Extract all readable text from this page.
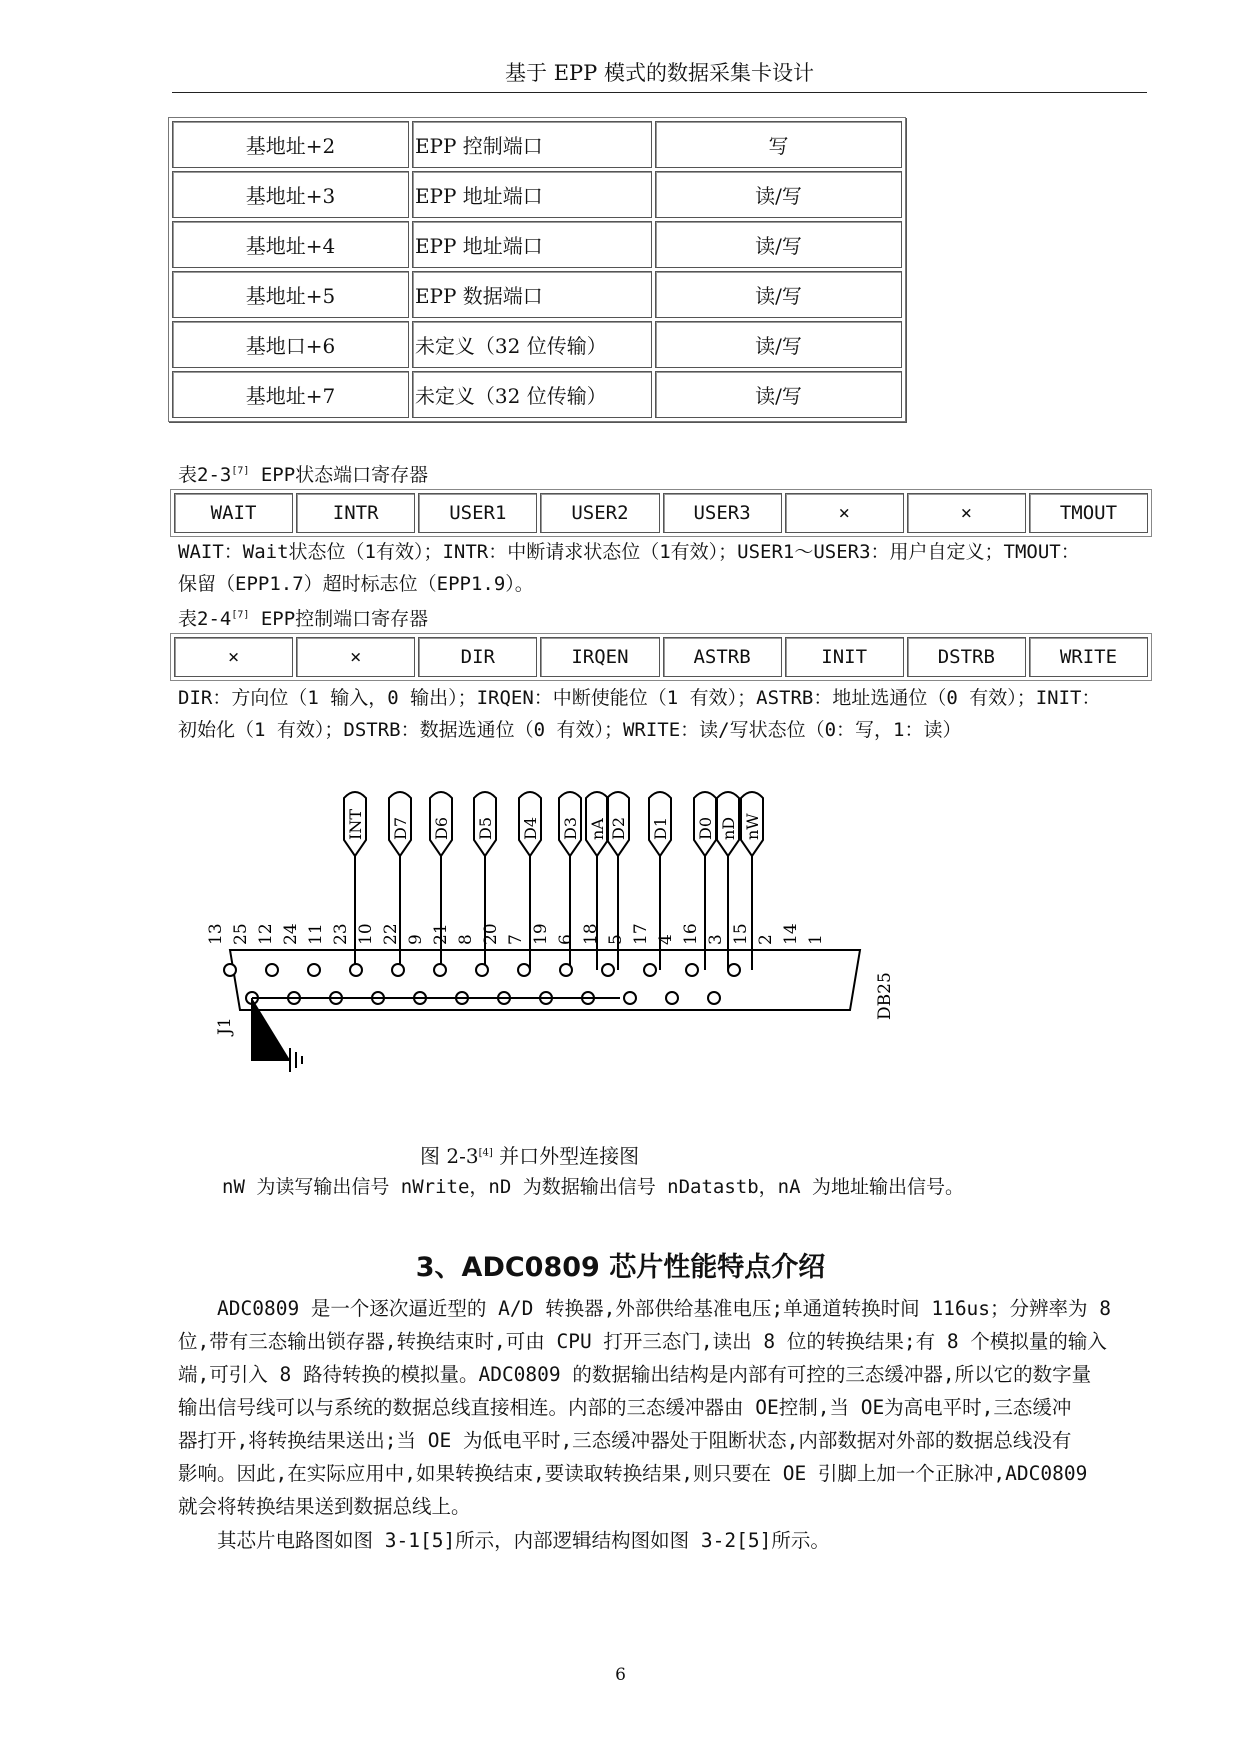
基于 EPP 模式的数据采集卡设计
基地址+2	EPP 控制端口	写
基地址+3	EPP 地址端口	读/写
基地址+4	EPP 地址端口	读/写
基地址+5	EPP 数据端口	读/写
基地口+6	未定义（32 位传输）	读/写
基地址+7	未定义（32 位传输）	读/写
表2-3[7] EPP状态端口寄存器
WAIT	INTR	USER1	USER2	USER3	×	×	TMOUT
WAIT：Wait状态位（1有效）；INTR：中断请求状态位（1有效）；USER1～USER3：用户自定义；TMOUT：
保留（EPP1.7）超时标志位（EPP1.9）。
表2-4[7] EPP控制端口寄存器
×	×	DIR	IRQEN	ASTRB	INIT	DSTRB	WRITE
DIR：方向位（1 输入，0 输出）；IRQEN：中断使能位（1 有效）；ASTRB：地址选通位（0 有效）；INIT：
初始化（1 有效）；DSTRB：数据选通位（0 有效）；WRITE：读/写状态位（0：写，1：读）
INT D7 D6 D5 D4 D3 nA D2 D1 D0 nD nW
13 25 12 24 11 23 10 22 9 21 8 20 7 19 6 18 5 17 4 16 3 15 2 14 1
J1
DB25
图 2-3[4] 并口外型连接图
nW 为读写输出信号 nWrite，nD 为数据输出信号 nDatastb，nA 为地址输出信号。
3、ADC0809 芯片性能特点介绍
　　ADC0809 是一个逐次逼近型的 A/D 转换器,外部供给基准电压;单通道转换时间 116us；分辨率为 8
位,带有三态输出锁存器,转换结束时,可由 CPU 打开三态门,读出 8 位的转换结果;有 8 个模拟量的输入
端,可引入 8 路待转换的模拟量。ADC0809 的数据输出结构是内部有可控的三态缓冲器,所以它的数字量
输出信号线可以与系统的数据总线直接相连。内部的三态缓冲器由 OE控制,当 OE为高电平时,三态缓冲
器打开,将转换结果送出;当 OE 为低电平时,三态缓冲器处于阻断状态,内部数据对外部的数据总线没有
影响。因此,在实际应用中,如果转换结束,要读取转换结果,则只要在 OE 引脚上加一个正脉冲,ADC0809
就会将转换结果送到数据总线上。
　　其芯片电路图如图 3-1[5]所示，内部逻辑结构图如图 3-2[5]所示。
6
